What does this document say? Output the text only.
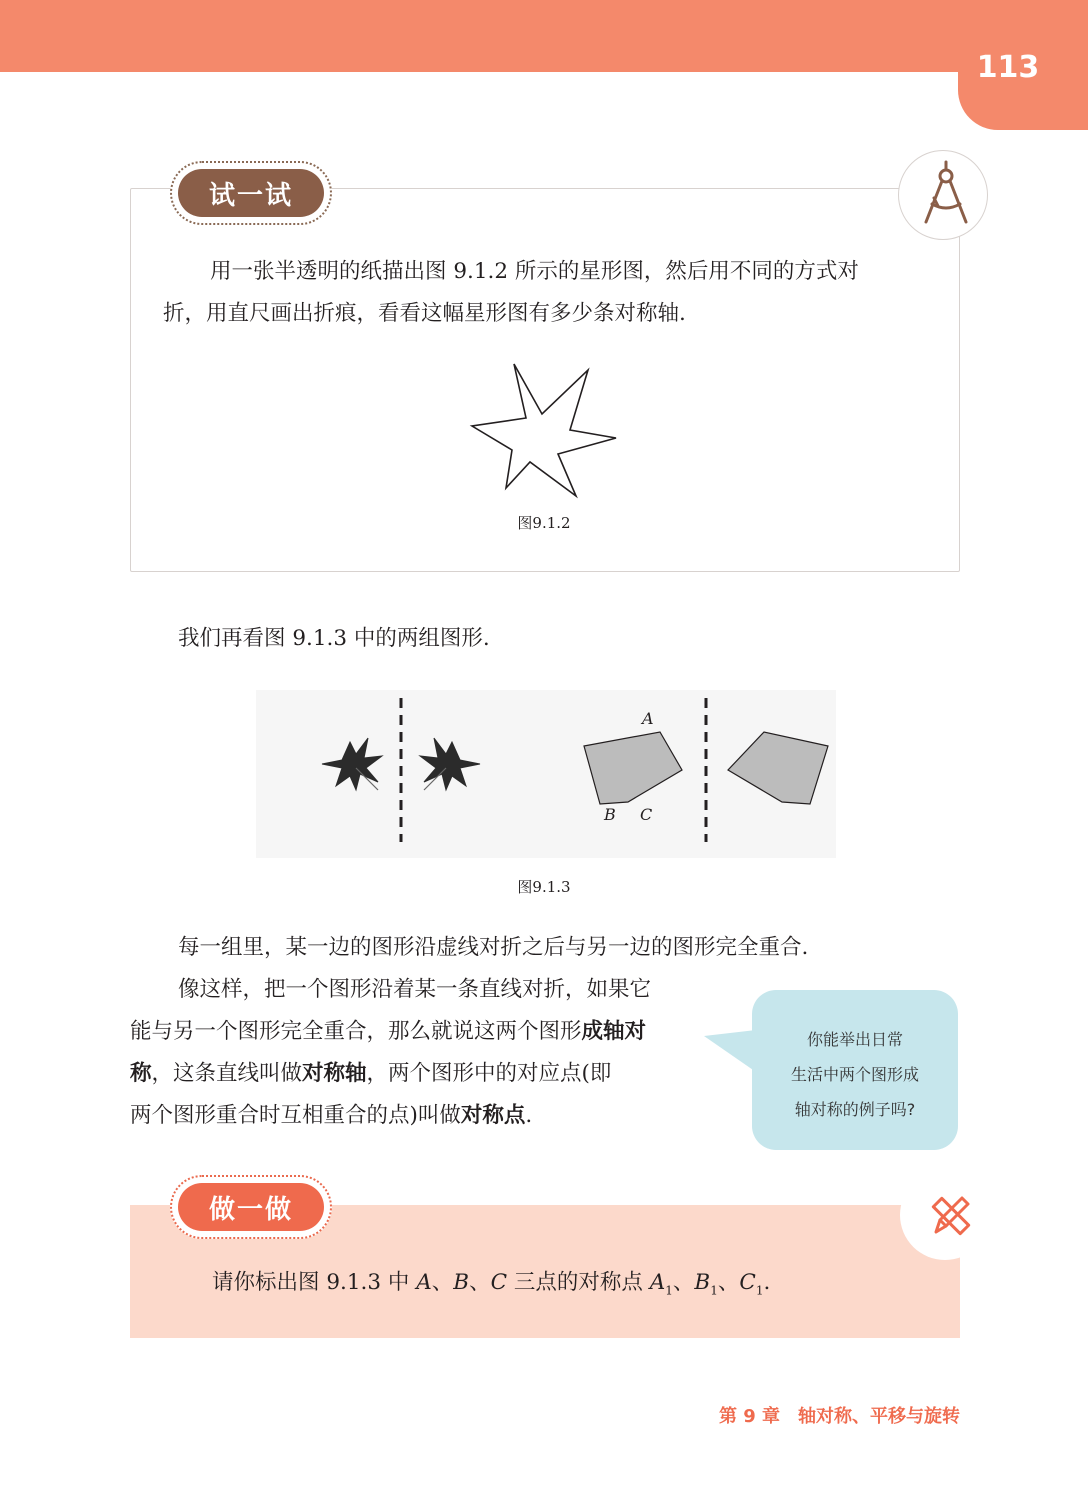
113
试一试
用一张半透明的纸描出图 9.1.2 所示的星形图，然后用不同的方式对
折，用直尺画出折痕，看看这幅星形图有多少条对称轴.
图9.1.2
我们再看图 9.1.3 中的两组图形.
A
B C
图9.1.3
每一组里，某一边的图形沿虚线对折之后与另一边的图形完全重合.
像这样，把一个图形沿着某一条直线对折，如果它
能与另一个图形完全重合，那么就说这两个图形成轴对
称，这条直线叫做对称轴，两个图形中的对应点(即
两个图形重合时互相重合的点)叫做对称点.
你能举出日常
生活中两个图形成
轴对称的例子吗?
做一做
请你标出图 9.1.3 中 A、B、C 三点的对称点 $A_1$、$B_1$、$C_1$.
第 9 章　轴对称、平移与旋转
